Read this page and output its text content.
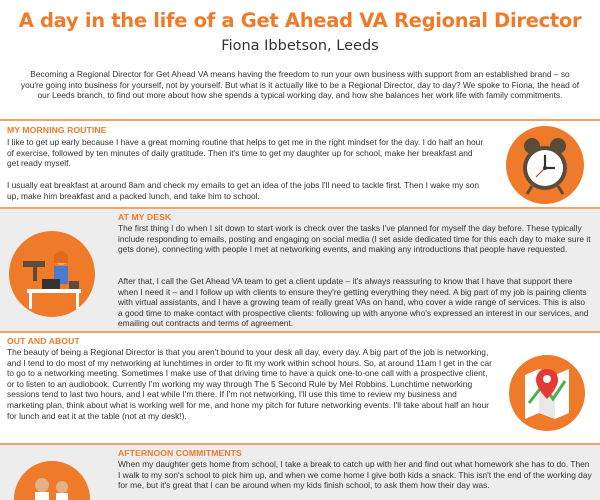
A day in the life of a Get Ahead VA Regional Director
Fiona Ibbetson, Leeds
Becoming a Regional Director for Get Ahead VA means having the freedom to run your own business with support from an established brand – so you're going into business for yourself, not by yourself. But what is it actually like to be a Regional Director, day to day? We spoke to Fiona, the head of our Leeds branch, to find out more about how she spends a typical working day, and how she balances her work life with family commitments.
MY MORNING ROUTINE
I like to get up early because I have a great morning routine that helps to get me in the right mindset for the day. I do half an hour of exercise, followed by ten minutes of daily gratitude. Then it's time to get my daughter up for school, make her breakfast and get ready myself.
I usually eat breakfast at around 8am and check my emails to get an idea of the jobs I'll need to tackle first. Then I wake my son up, make him breakfast and a packed lunch, and take him to school.
AT MY DESK
The first thing I do when I sit down to start work is check over the tasks I've planned for myself the day before. These typically include responding to emails, posting and engaging on social media (I set aside dedicated time for this each day to make sure it gets done), connecting with people I met at networking events, and making any introductions that people have requested.
After that, I call the Get Ahead VA team to get a client update – it's always reassuring to know that I have that support there when I need it – and I follow up with clients to ensure they're getting everything they need. A big part of my job is pairing clients with virtual assistants, and I have a growing team of really great VAs on hand, who cover a wide range of services. This is also a good time to make contact with prospective clients: following up with anyone who's expressed an interest in our services, and emailing out contracts and terms of agreement.
OUT AND ABOUT
The beauty of being a Regional Director is that you aren't bound to your desk all day, every day. A big part of the job is networking, and I tend to do most of my networking at lunchtimes in order to fit my work within school hours. So, at around 11am I get in the car to go to a networking meeting. Sometimes I make use of that driving time to have a quick one-to-one call with a prospective client, or to listen to an audiobook. Currently I'm working my way through The 5 Second Rule by Mel Robbins. Lunchtime networking sessions tend to last two hours, and I eat while I'm there. If I'm not networking, I'll use this time to review my business and marketing plan, think about what is working well for me, and hone my pitch for future networking events. I'll take about half an hour for lunch and eat it at the table (not at my desk!).
AFTERNOON COMMITMENTS
When my daughter gets home from school, I take a break to catch up with her and find out what homework she has to do. Then I walk to my son's school to pick him up, and when we come home I give both kids a snack. This isn't the end of the working day for me, but it's great that I can be around when my kids finish school, to ask them how their day was.
